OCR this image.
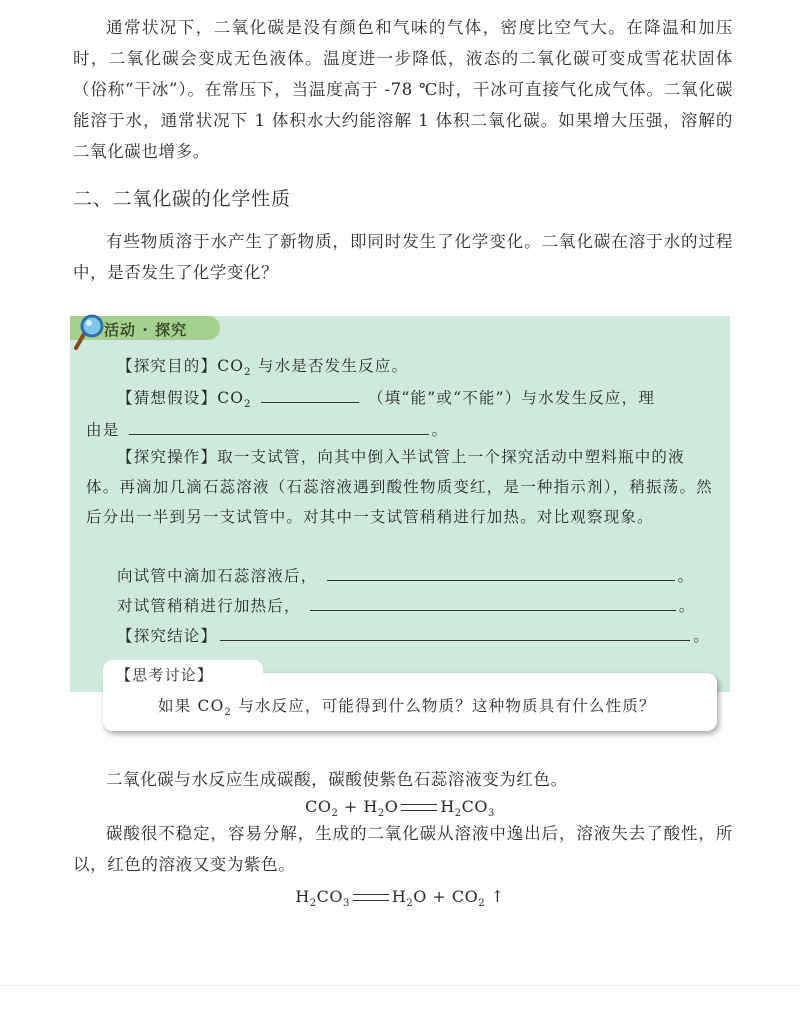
通常状况下，二氧化碳是没有颜色和气味的气体，密度比空气大。在降温和加压时，二氧化碳会变成无色液体。温度进一步降低，液态的二氧化碳可变成雪花状固体（俗称“干冰”）。在常压下，当温度高于 -78 ℃时，干冰可直接气化成气体。二氧化碳能溶于水，通常状况下 1 体积水大约能溶解 1 体积二氧化碳。如果增大压强，溶解的二氧化碳也增多。

二、二氧化碳的化学性质

有些物质溶于水产生了新物质，即同时发生了化学变化。二氧化碳在溶于水的过程中，是否发生了化学变化？

活动 · 探究

【探究目的】$CO_2$ 与水是否发生反应。

【猜想假设】$CO_2$	（填“能”或“不能”）与水发生反应，理

由是	。

【探究操作】取一支试管，向其中倒入半试管上一个探究活动中塑料瓶中的液体。再滴加几滴石蕊溶液（石蕊溶液遇到酸性物质变红，是一种指示剂），稍振荡。然后分出一半到另一支试管中。对其中一支试管稍稍进行加热。对比观察现象。

向试管中滴加石蕊溶液后，	。

对试管稍稍进行加热后，	。

【探究结论】	。

【思考讨论】
如果 $CO_2$ 与水反应，可能得到什么物质？这种物质具有什么性质？

二氧化碳与水反应生成碳酸，碳酸使紫色石蕊溶液变为红色。

$CO_2 + H_2O$	$H_2CO_3$

碳酸很不稳定，容易分解，生成的二氧化碳从溶液中逸出后，溶液失去了酸性，所以，红色的溶液又变为紫色。

$H_2CO_3$	$H_2O + CO_2$ ↑
